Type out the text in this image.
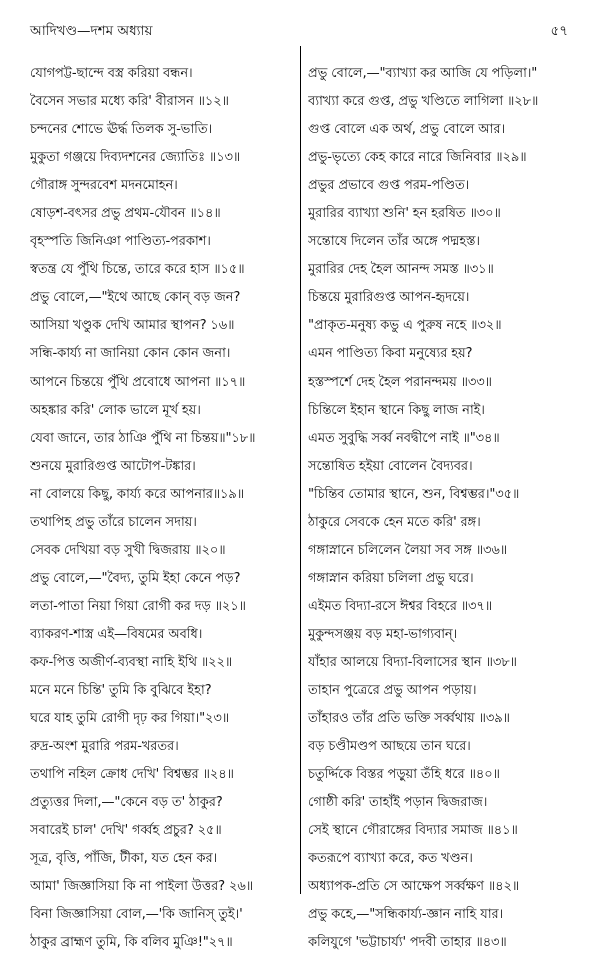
আদিখণ্ড—দশম অধ্যায়	৫৭
যোগপট্ট-ছান্দে বস্ত্র করিয়া বন্ধন।
বৈসেন সভার মধ্যে করি' বীরাসন ॥১২॥
চন্দনের শোভে ঊর্দ্ধ তিলক সু-ভাতি।
মুকুতা গঞ্জয়ে দিব্যদশনের জ্যোতিঃ ॥১৩॥
গৌরাঙ্গ সুন্দরবেশ মদনমোহন।
ষোড়শ-বৎসর প্রভু প্রথম-যৌবন ॥১৪॥
বৃহস্পতি জিনিঞা পাণ্ডিত্য-পরকাশ।
স্বতন্ত্র যে পুঁথি চিন্তে, তারে করে হাস ॥১৫॥
প্রভু বোলে,—"ইথে আছে কোন্ বড় জন?
আসিয়া খণ্ডুক দেখি আমার স্থাপন? ১৬॥
সন্ধি-কার্য্য না জানিয়া কোন কোন জনা।
আপনে চিন্তয়ে পুঁথি প্রবোধে আপনা ॥১৭॥
অহঙ্কার করি' লোক ভালে মূর্খ হয়।
যেবা জানে, তার ঠাঞি পুঁথি না চিন্তয়॥"১৮॥
শুনয়ে মুরারিগুপ্ত আটোপ-টঙ্কার।
না বোলয়ে কিছু, কার্য্য করে আপনার॥১৯॥
তথাপিহ প্রভু তাঁরে চালেন সদায়।
সেবক দেখিয়া বড় সুখী দ্বিজরায় ॥২০॥
প্রভু বোলে,—"বৈদ্য, তুমি ইহা কেনে পড়?
লতা-পাতা নিয়া গিয়া রোগী কর দড় ॥২১॥
ব্যাকরণ-শাস্ত্র এই—বিষমের অবধি।
কফ-পিত্ত অজীর্ণ-ব্যবস্থা নাহি ইথি ॥২২॥
মনে মনে চিন্তি' তুমি কি বুঝিবে ইহা?
ঘরে যাহ তুমি রোগী দৃঢ় কর গিয়া।"২৩॥
রুদ্র-অংশ মুরারি পরম-খরতর।
তথাপি নহিল ক্রোধ দেখি' বিশ্বম্ভর ॥২৪॥
প্রত্যুত্তর দিলা,—"কেনে বড় ত' ঠাকুর?
সবারেই চাল' দেখি' গর্ব্বহ প্রচুর? ২৫॥
সূত্র, বৃত্তি, পাঁজি, টীকা, যত হেন কর।
আমা' জিজ্ঞাসিয়া কি না পাইলা উত্তর? ২৬॥
বিনা জিজ্ঞাসিয়া বোল,—'কি জানিস্ তুই।'
ঠাকুর ব্রাহ্মণ তুমি, কি বলিব মুঞি!"২৭॥
প্রভু বোলে,—"ব্যাখ্যা কর আজি যে পড়িলা।"
ব্যাখ্যা করে গুপ্ত, প্রভু খণ্ডিতে লাগিলা ॥২৮॥
গুপ্ত বোলে এক অর্থ, প্রভু বোলে আর।
প্রভু-ভৃত্যে কেহ কারে নারে জিনিবার ॥২৯॥
প্রভুর প্রভাবে গুপ্ত পরম-পণ্ডিত।
মুরারির ব্যাখ্যা শুনি' হন হরষিত ॥৩০॥
সন্তোষে দিলেন তাঁর অঙ্গে পদ্মহস্ত।
মুরারির দেহ হৈল আনন্দ সমস্ত ॥৩১॥
চিন্তয়ে মুরারিগুপ্ত আপন-হৃদয়ে।
"প্রাকৃত-মনুষ্য কভু এ পুরুষ নহে ॥৩২॥
এমন পাণ্ডিত্য কিবা মনুষ্যের হয়?
হস্তস্পর্শে দেহ হৈল পরানন্দময় ॥৩৩॥
চিন্তিলে ইহান স্থানে কিছু লাজ নাই।
এমত সুবুদ্ধি সর্ব্ব নবদ্বীপে নাই ॥"৩৪॥
সন্তোষিত হইয়া বোলেন বৈদ্যবর।
"চিন্তিব তোমার স্থানে, শুন, বিশ্বম্ভর।"৩৫॥
ঠাকুরে সেবকে হেন মতে করি' রঙ্গ।
গঙ্গাস্নানে চলিলেন লৈয়া সব সঙ্গ ॥৩৬॥
গঙ্গাস্নান করিয়া চলিলা প্রভু ঘরে।
এইমত বিদ্যা-রসে ঈশ্বর বিহরে ॥৩৭॥
মুকুন্দসঞ্জয় বড় মহা-ভাগ্যবান্।
যাঁহার আলয়ে বিদ্যা-বিলাসের স্থান ॥৩৮॥
তাহান পুত্রেরে প্রভু আপন পড়ায়।
তাঁহারও তাঁর প্রতি ভক্তি সর্ব্বথায় ॥৩৯॥
বড় চণ্ডীমণ্ডপ আছয়ে তান ঘরে।
চতুর্দ্দিকে বিস্তর পড়ুয়া তঁহি ধরে ॥৪০॥
গোষ্ঠী করি' তাহাঁই পড়ান দ্বিজরাজ।
সেই স্থানে গৌরাঙ্গের বিদ্যার সমাজ ॥৪১॥
কতরূপে ব্যাখ্যা করে, কত খণ্ডন।
অধ্যাপক-প্রতি সে আক্ষেপ সর্ব্বক্ষণ ॥৪২॥
প্রভু কহে,—"সন্ধিকার্য্য-জ্ঞান নাহি যার।
কলিযুগে 'ভট্টাচার্য্য' পদবী তাহার ॥৪৩॥
